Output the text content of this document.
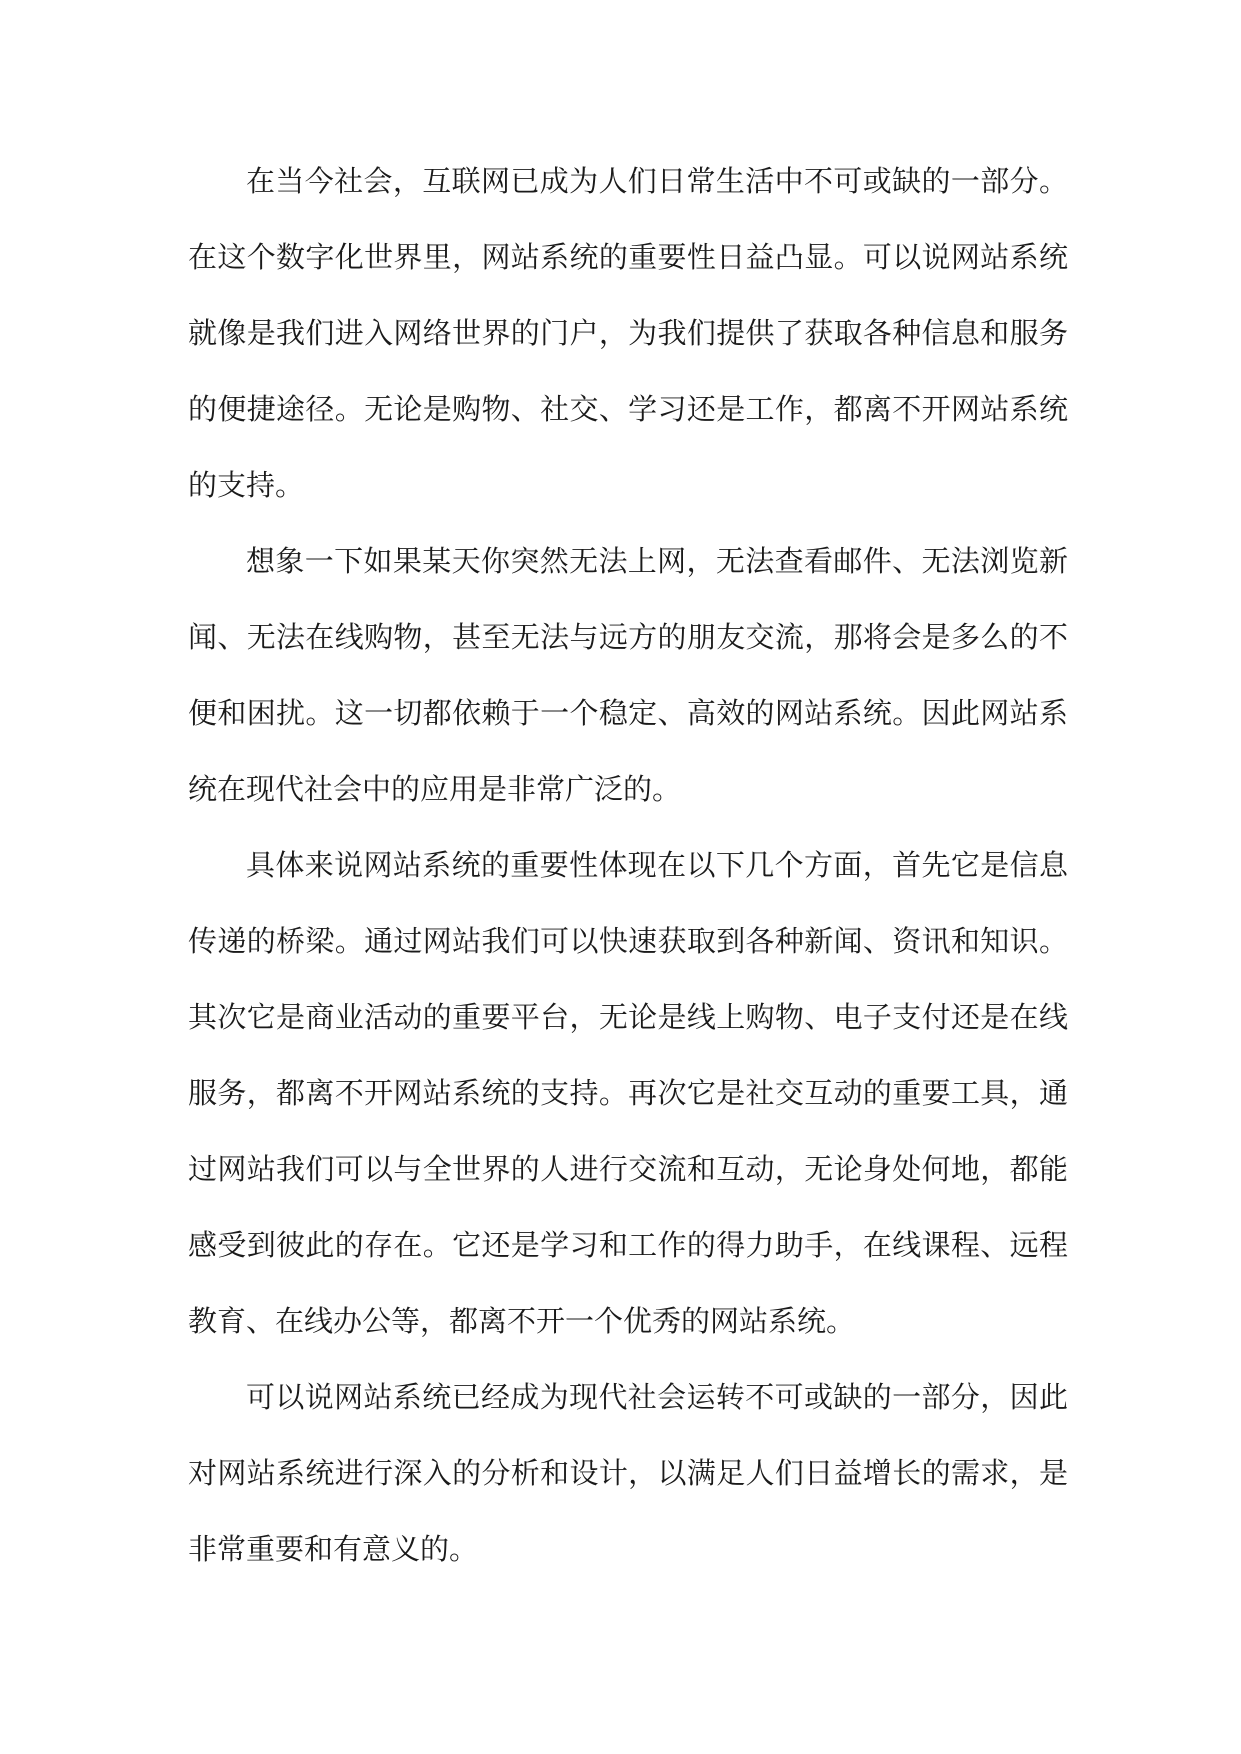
在当今社会，互联网已成为人们日常生活中不可或缺的一部分。在这个数字化世界里，网站系统的重要性日益凸显。可以说网站系统就像是我们进入网络世界的门户，为我们提供了获取各种信息和服务的便捷途径。无论是购物、社交、学习还是工作，都离不开网站系统的支持。

想象一下如果某天你突然无法上网，无法查看邮件、无法浏览新闻、无法在线购物，甚至无法与远方的朋友交流，那将会是多么的不便和困扰。这一切都依赖于一个稳定、高效的网站系统。因此网站系统在现代社会中的应用是非常广泛的。

具体来说网站系统的重要性体现在以下几个方面，首先它是信息传递的桥梁。通过网站我们可以快速获取到各种新闻、资讯和知识。其次它是商业活动的重要平台，无论是线上购物、电子支付还是在线服务，都离不开网站系统的支持。再次它是社交互动的重要工具，通过网站我们可以与全世界的人进行交流和互动，无论身处何地，都能感受到彼此的存在。它还是学习和工作的得力助手，在线课程、远程教育、在线办公等，都离不开一个优秀的网站系统。

可以说网站系统已经成为现代社会运转不可或缺的一部分，因此对网站系统进行深入的分析和设计，以满足人们日益增长的需求，是非常重要和有意义的。
